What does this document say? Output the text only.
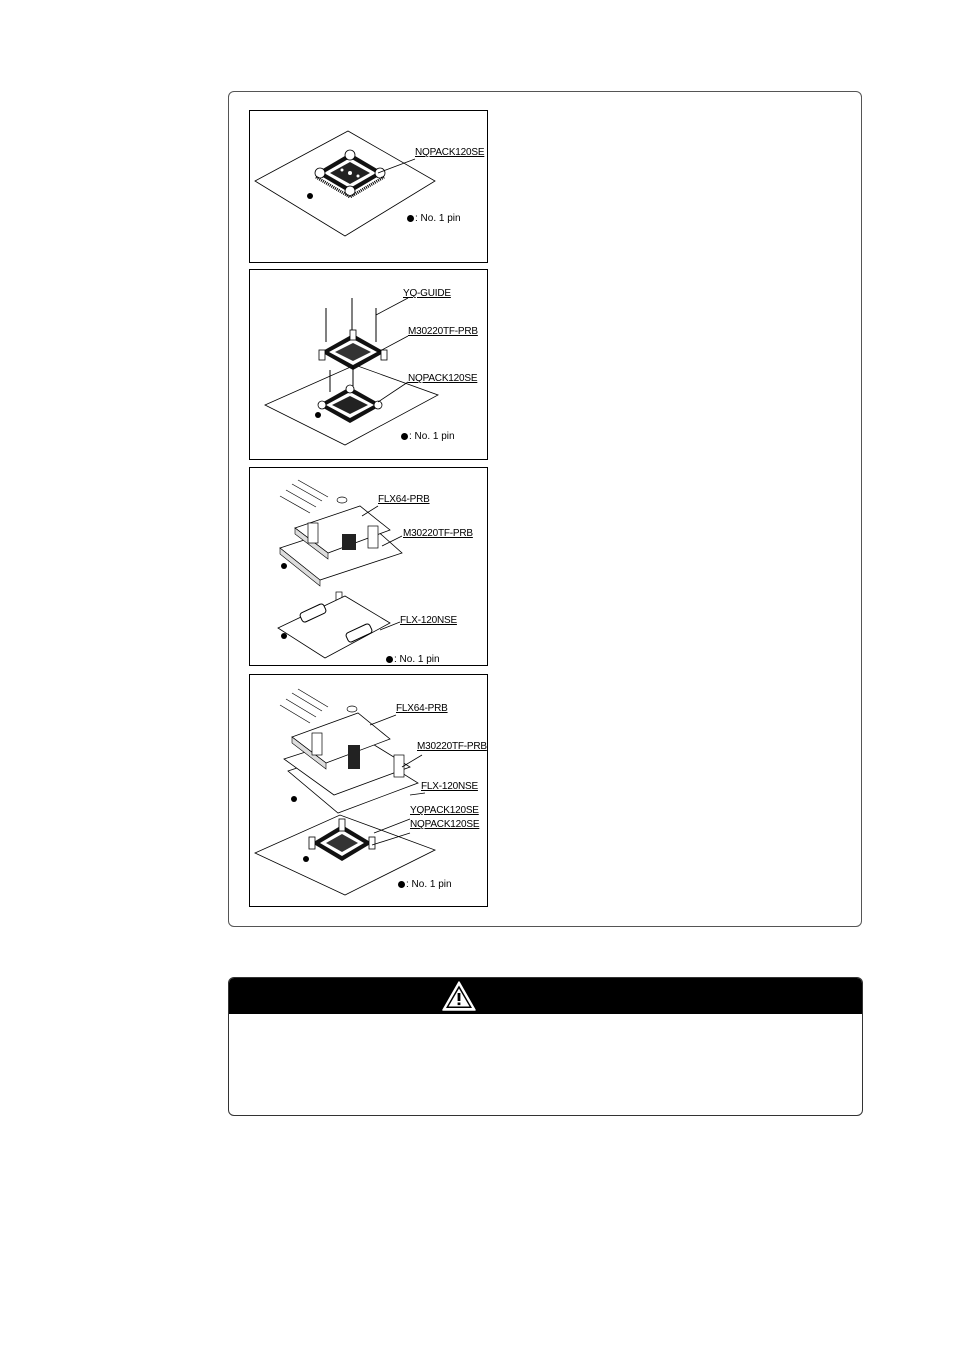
NQPACK120SE
: No. 1 pin
YQ-GUIDE
M30220TF-PRB
NQPACK120SE
: No. 1 pin
FLX64-PRB
M30220TF-PRB
FLX-120NSE
: No. 1 pin
FLX64-PRB
M30220TF-PRB
FLX-120NSE
YQPACK120SE
NQPACK120SE
: No. 1 pin
